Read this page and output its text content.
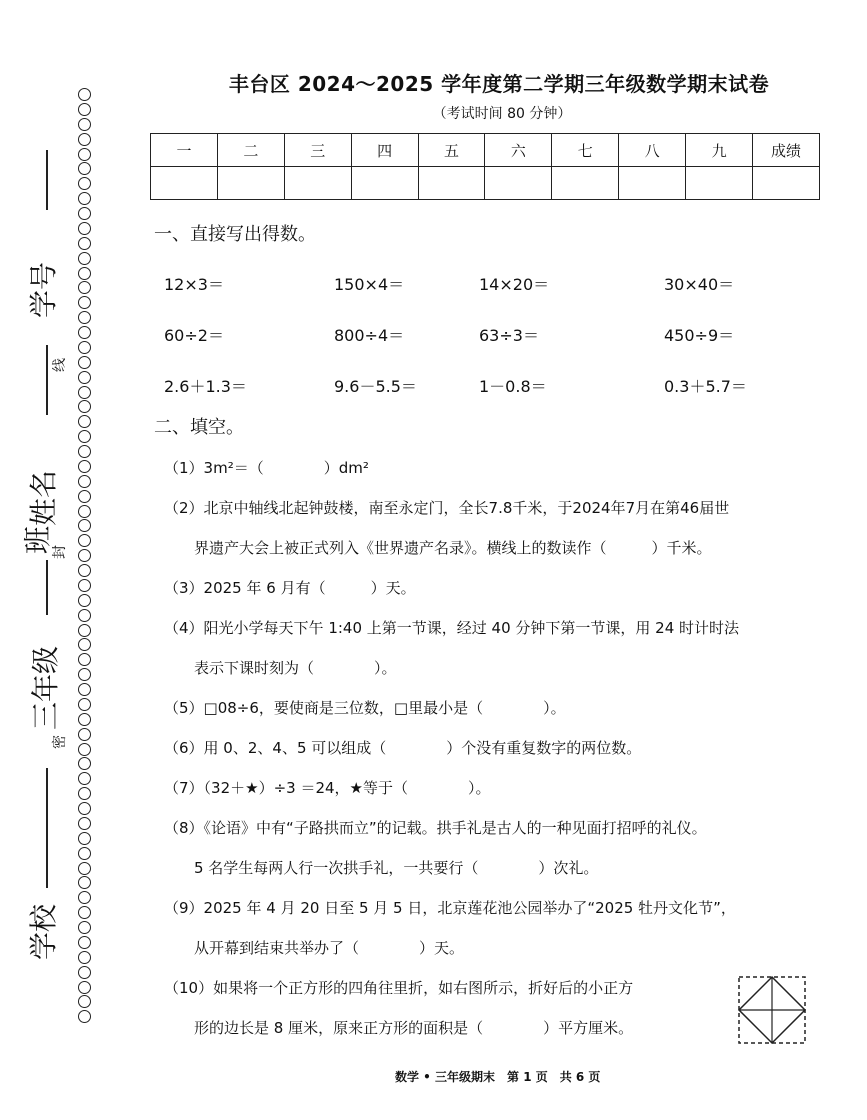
学号
线
姓名
封
班
三年级
密
学校
丰台区 2024～2025 学年度第二学期三年级数学期末试卷
（考试时间 80 分钟）
一	二	三	四	五	六	七	八	九	成绩

一、直接写出得数。
12×3＝	150×4＝	14×20＝	30×40＝
60÷2＝	800÷4＝	63÷3＝	450÷9＝
2.6＋1.3＝	9.6－5.5＝	1－0.8＝	0.3＋5.7＝
二、填空。
（1）3m²＝（　　　　）dm²
（2）北京中轴线北起钟鼓楼，南至永定门，全长7.8千米，于2024年7月在第46届世
界遗产大会上被正式列入《世界遗产名录》。横线上的数读作（　　　）千米。
（3）2025 年 6 月有（　　　）天。
（4）阳光小学每天下午 1:40 上第一节课，经过 40 分钟下第一节课，用 24 时计时法
表示下课时刻为（　　　　）。
（5）□08÷6，要使商是三位数，□里最小是（　　　　）。
（6）用 0、2、4、5 可以组成（　　　　）个没有重复数字的两位数。
（7）（32＋★）÷3 ＝24，★等于（　　　　）。
（8）《论语》中有“子路拱而立”的记载。拱手礼是古人的一种见面打招呼的礼仪。
5 名学生每两人行一次拱手礼，一共要行（　　　　）次礼。
（9）2025 年 4 月 20 日至 5 月 5 日，北京莲花池公园举办了“2025 牡丹文化节”，
从开幕到结束共举办了（　　　　）天。
（10）如果将一个正方形的四角往里折，如右图所示，折好后的小正方
形的边长是 8 厘米，原来正方形的面积是（　　　　）平方厘米。
数学 • 三年级期末　第 1 页　共 6 页
